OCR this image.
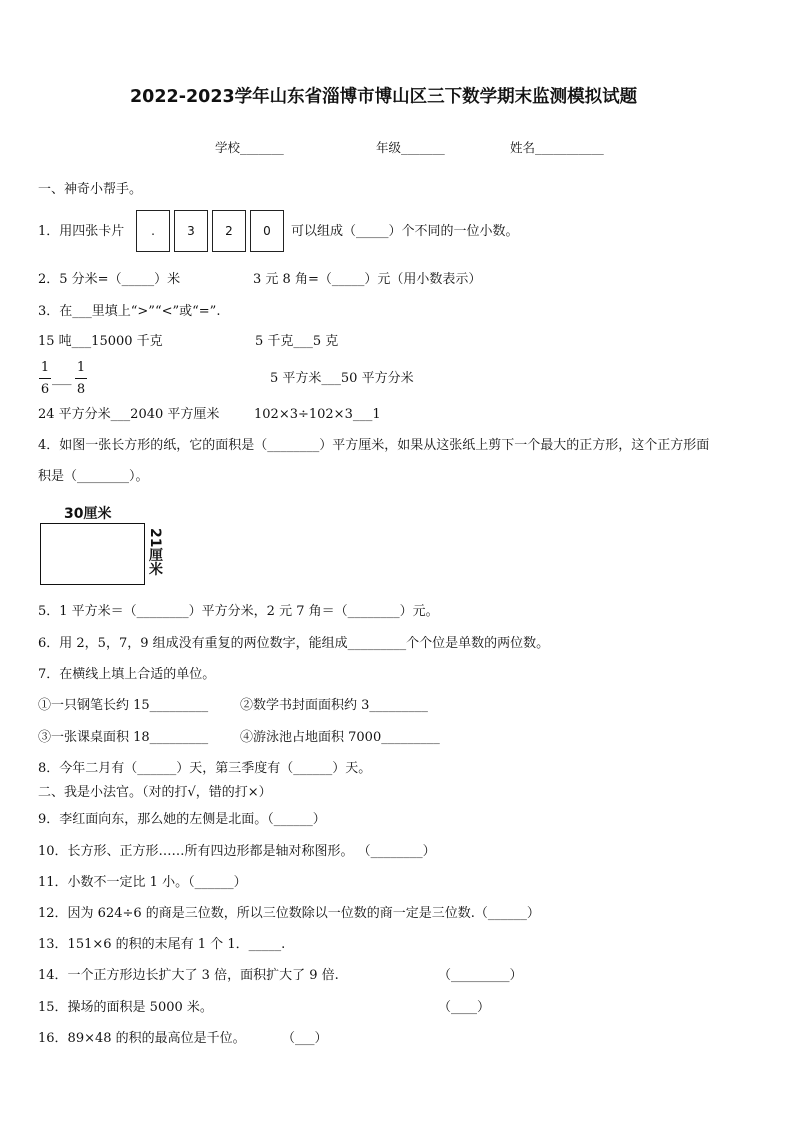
2022-2023学年山东省淄博市博山区三下数学期末监测模拟试题
学校_______	年级_______	姓名___________
一、神奇小帮手。
1．用四张卡片	.	3	2	0	可以组成（_____）个不同的一位小数。
2．5 分米=（_____）米	3 元 8 角=（_____）元（用小数表示）
3．在___里填上“>”“<”或“=”.
15 吨___15000 千克	5 千克___5 克
$\frac{1}{6}$ ___ $\frac{1}{8}$	5 平方米___50 平方分米
24 平方分米___2040 平方厘米	102×3÷102×3___1
4．如图一张长方形的纸，它的面积是（________）平方厘米，如果从这张纸上剪下一个最大的正方形，这个正方形面
积是（________）。
30厘米
21厘米
5．1 平方米＝（________）平方分米，2 元 7 角＝（________）元。
6．用 2，5，7，9 组成没有重复的两位数字，能组成_________个个位是单数的两位数。
7．在横线上填上合适的单位。
①一只钢笔长约 15_________ ②数学书封面面积约 3_________
③一张课桌面积 18_________ ④游泳池占地面积 7000_________
8．今年二月有（______）天，第三季度有（______）天。
二、我是小法官。（对的打√，错的打×）
9．李红面向东，那么她的左侧是北面。（______）
10．长方形、正方形……所有四边形都是轴对称图形。 （________）
11．小数不一定比 1 小。（______）
12．因为 624÷6 的商是三位数，所以三位数除以一位数的商一定是三位数.（______）
13．151×6 的积的末尾有 1 个 1．_____.
14．一个正方形边长扩大了 3 倍，面积扩大了 9 倍.	（_________）
15．操场的面积是 5000 米。	（____）
16．89×48 的积的最高位是千位。	（___）
